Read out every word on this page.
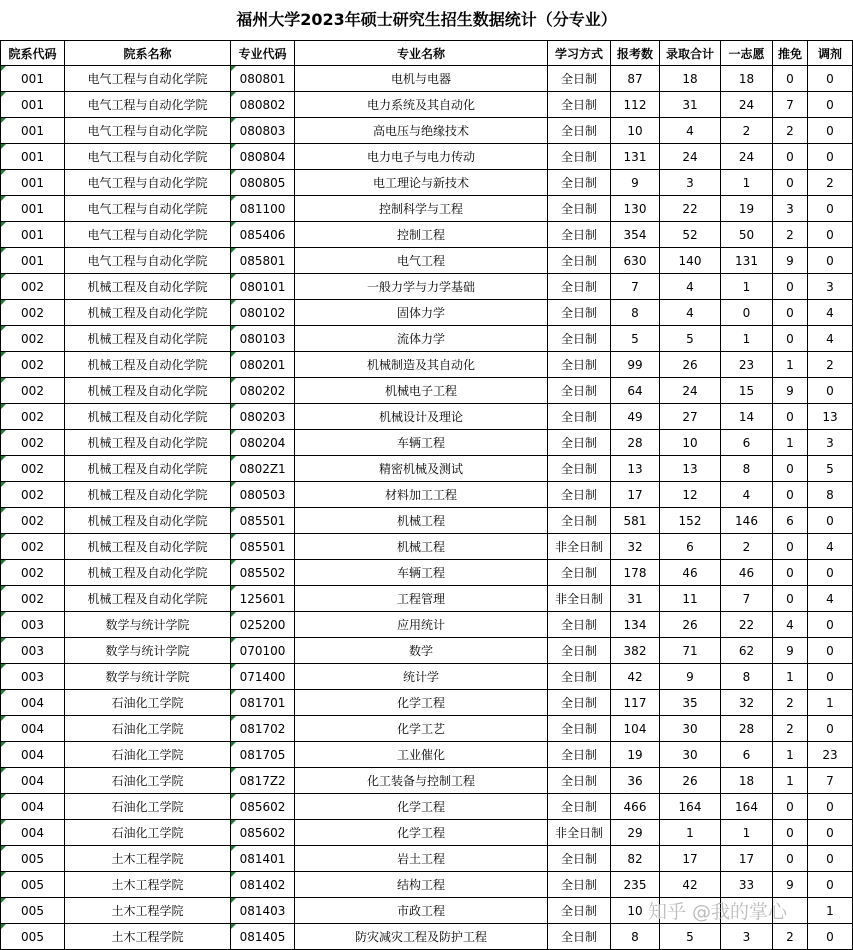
福州大学2023年硕士研究生招生数据统计（分专业）
院系代码	院系名称	专业代码	专业名称	学习方式	报考数	录取合计	一志愿	推免	调剂
001	电气工程与自动化学院	080801	电机与电器	全日制	87	18	18	0	0
001	电气工程与自动化学院	080802	电力系统及其自动化	全日制	112	31	24	7	0
001	电气工程与自动化学院	080803	高电压与绝缘技术	全日制	10	4	2	2	0
001	电气工程与自动化学院	080804	电力电子与电力传动	全日制	131	24	24	0	0
001	电气工程与自动化学院	080805	电工理论与新技术	全日制	9	3	1	0	2
001	电气工程与自动化学院	081100	控制科学与工程	全日制	130	22	19	3	0
001	电气工程与自动化学院	085406	控制工程	全日制	354	52	50	2	0
001	电气工程与自动化学院	085801	电气工程	全日制	630	140	131	9	0
002	机械工程及自动化学院	080101	一般力学与力学基础	全日制	7	4	1	0	3
002	机械工程及自动化学院	080102	固体力学	全日制	8	4	0	0	4
002	机械工程及自动化学院	080103	流体力学	全日制	5	5	1	0	4
002	机械工程及自动化学院	080201	机械制造及其自动化	全日制	99	26	23	1	2
002	机械工程及自动化学院	080202	机械电子工程	全日制	64	24	15	9	0
002	机械工程及自动化学院	080203	机械设计及理论	全日制	49	27	14	0	13
002	机械工程及自动化学院	080204	车辆工程	全日制	28	10	6	1	3
002	机械工程及自动化学院	0802Z1	精密机械及测试	全日制	13	13	8	0	5
002	机械工程及自动化学院	080503	材料加工工程	全日制	17	12	4	0	8
002	机械工程及自动化学院	085501	机械工程	全日制	581	152	146	6	0
002	机械工程及自动化学院	085501	机械工程	非全日制	32	6	2	0	4
002	机械工程及自动化学院	085502	车辆工程	全日制	178	46	46	0	0
002	机械工程及自动化学院	125601	工程管理	非全日制	31	11	7	0	4
003	数学与统计学院	025200	应用统计	全日制	134	26	22	4	0
003	数学与统计学院	070100	数学	全日制	382	71	62	9	0
003	数学与统计学院	071400	统计学	全日制	42	9	8	1	0
004	石油化工学院	081701	化学工程	全日制	117	35	32	2	1
004	石油化工学院	081702	化学工艺	全日制	104	30	28	2	0
004	石油化工学院	081705	工业催化	全日制	19	30	6	1	23
004	石油化工学院	0817Z2	化工装备与控制工程	全日制	36	26	18	1	7
004	石油化工学院	085602	化学工程	全日制	466	164	164	0	0
004	石油化工学院	085602	化学工程	非全日制	29	1	1	0	0
005	土木工程学院	081401	岩土工程	全日制	82	17	17	0	0
005	土木工程学院	081402	结构工程	全日制	235	42	33	9	0
005	土木工程学院	081403	市政工程	全日制	10				1
005	土木工程学院	081405	防灾减灾工程及防护工程	全日制	8	5	3	2	0
知乎 @我的掌心
